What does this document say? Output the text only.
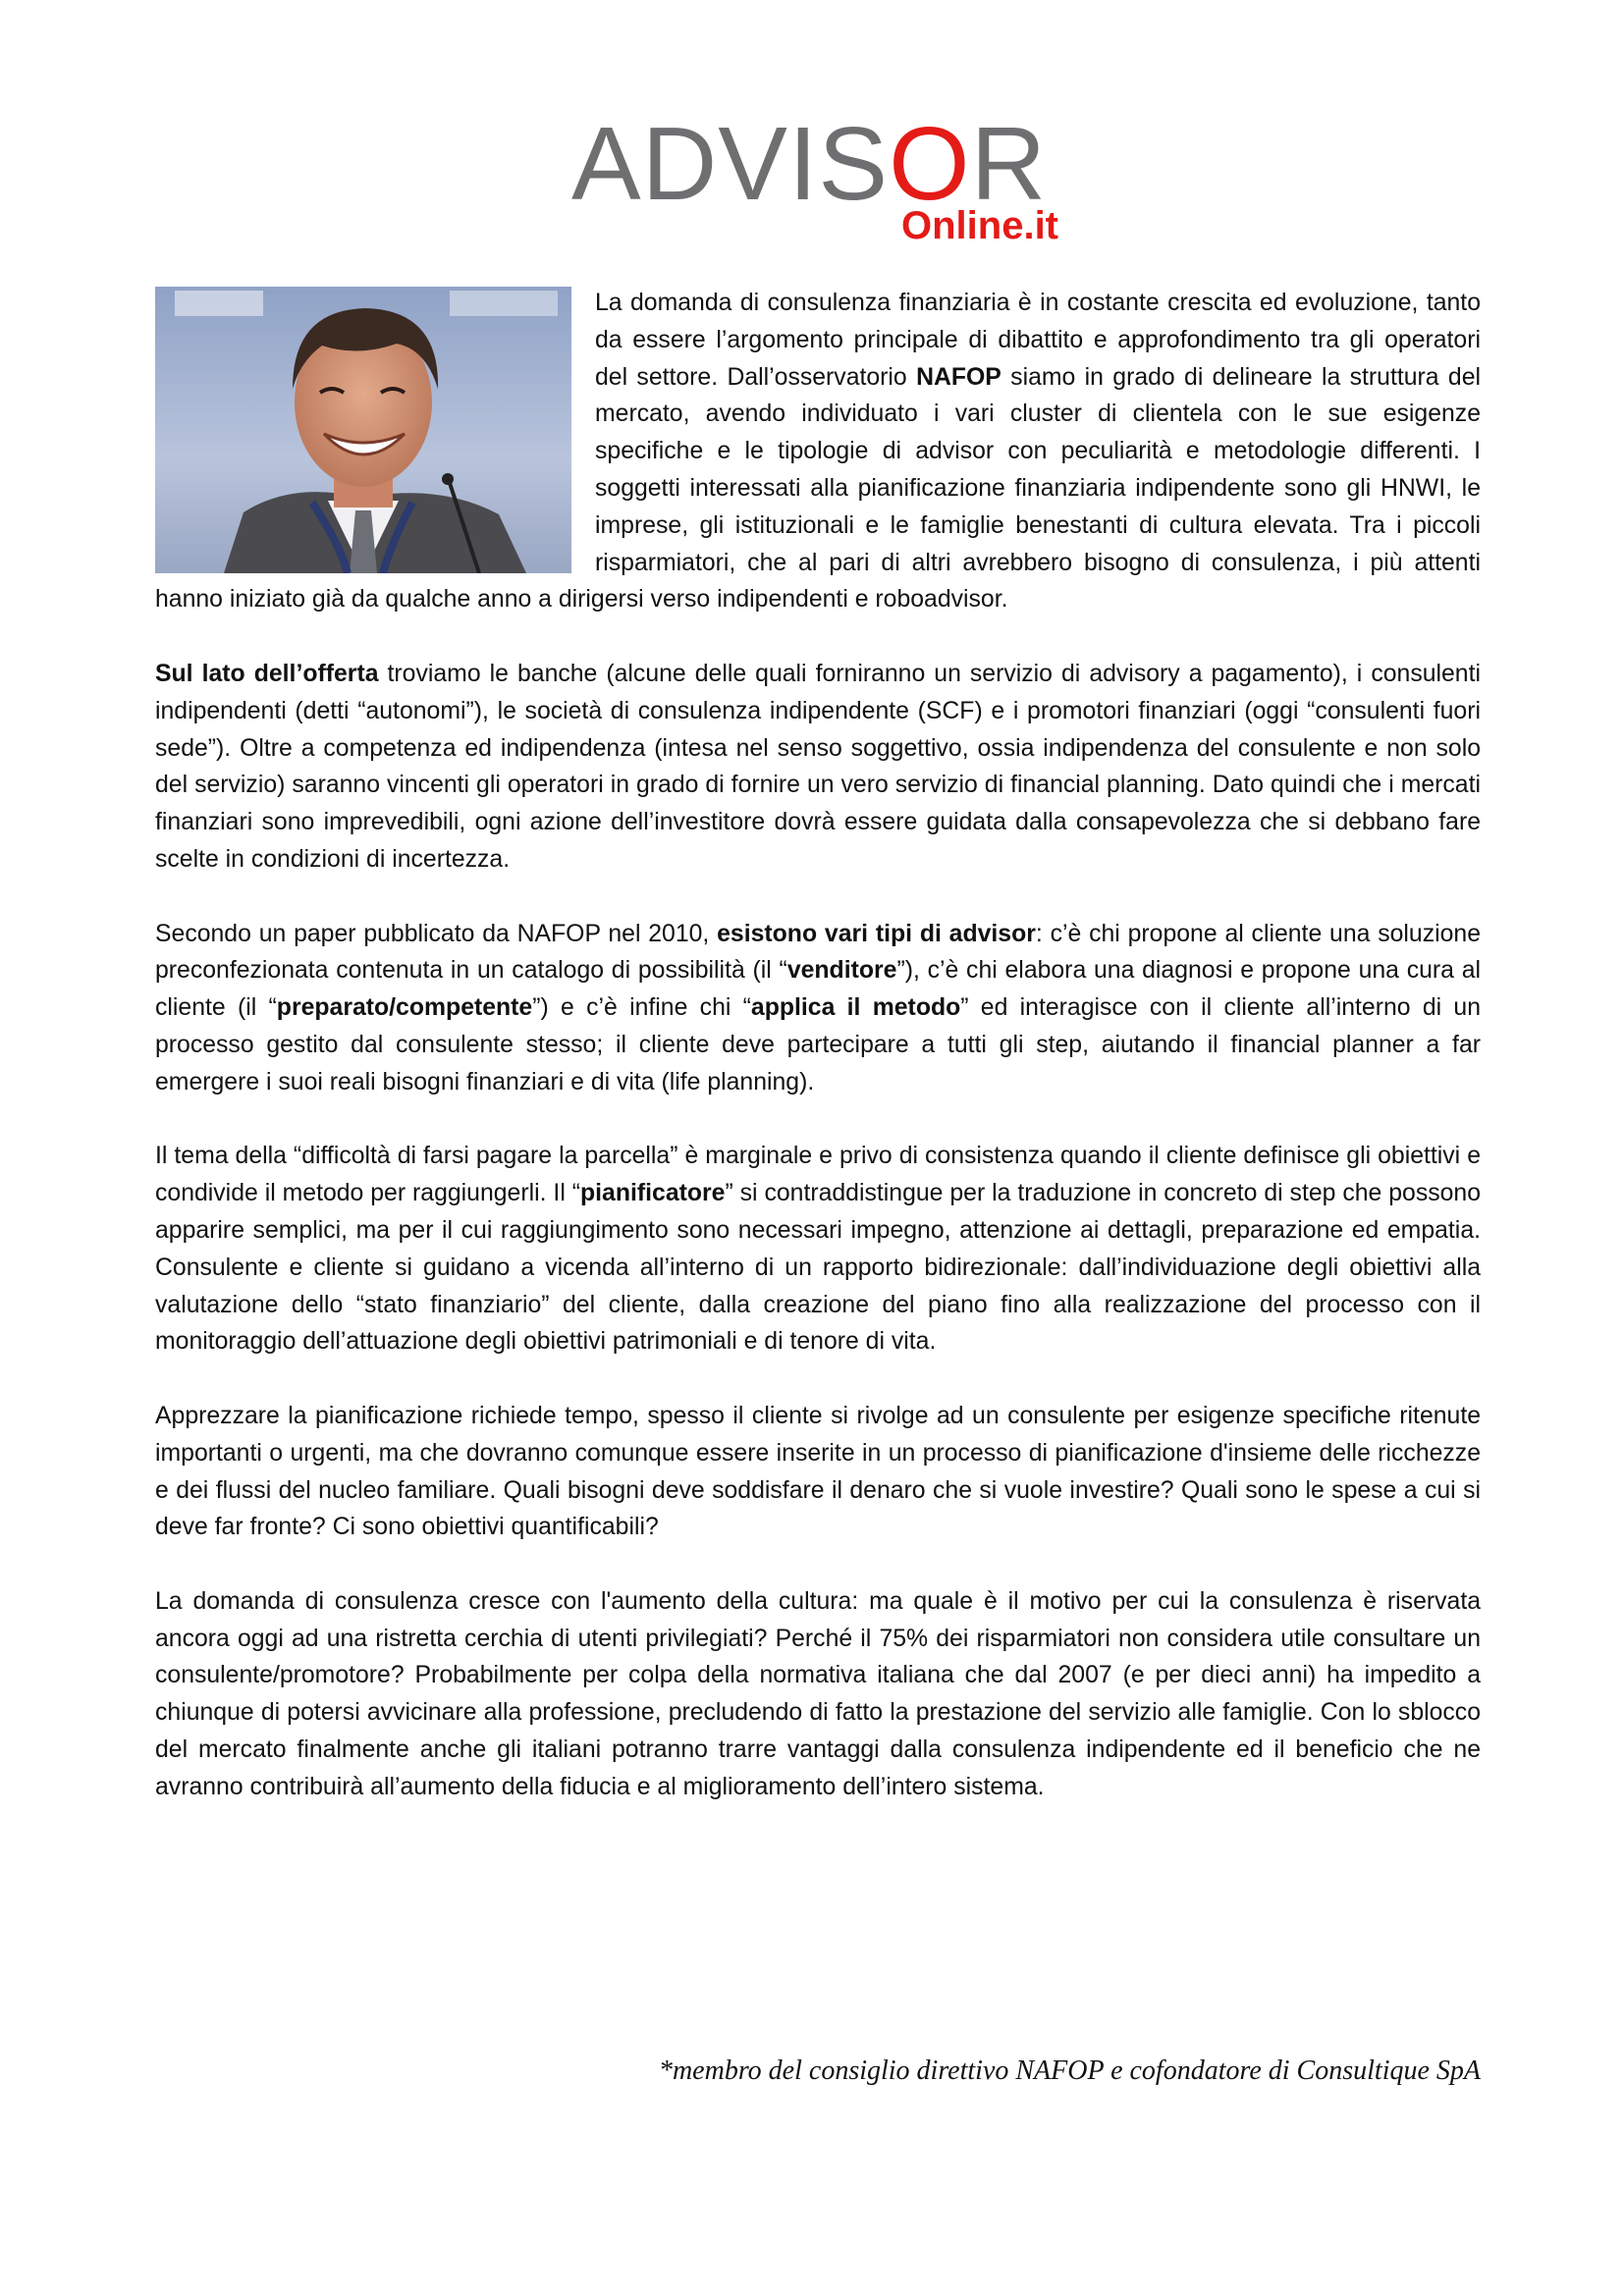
ADVISOR
Online.it

La domanda di consulenza finanziaria è in costante crescita ed evoluzione, tanto da essere l’argomento principale di dibattito e approfondimento tra gli operatori del settore. Dall’osservatorio NAFOP siamo in grado di delineare la struttura del mercato, avendo individuato i vari cluster di clientela con le sue esigenze specifiche e le tipologie di advisor con peculiarità e metodologie differenti. I soggetti interessati alla pianificazione finanziaria indipendente sono gli HNWI, le imprese, gli istituzionali e le famiglie benestanti di cultura elevata. Tra i piccoli risparmiatori, che al pari di altri avrebbero bisogno di consulenza, i più attenti hanno iniziato già da qualche anno a dirigersi verso indipendenti e roboadvisor.

Sul lato dell’offerta troviamo le banche (alcune delle quali forniranno un servizio di advisory a pagamento), i consulenti indipendenti (detti “autonomi”), le società di consulenza indipendente (SCF) e i promotori finanziari (oggi “consulenti fuori sede”). Oltre a competenza ed indipendenza (intesa nel senso soggettivo, ossia indipendenza del consulente e non solo del servizio) saranno vincenti gli operatori in grado di fornire un vero servizio di financial planning. Dato quindi che i mercati finanziari sono imprevedibili, ogni azione dell’investitore dovrà essere guidata dalla consapevolezza che si debbano fare scelte in condizioni di incertezza.

Secondo un paper pubblicato da NAFOP nel 2010, esistono vari tipi di advisor: c’è chi propone al cliente una soluzione preconfezionata contenuta in un catalogo di possibilità (il “venditore”), c’è chi elabora una diagnosi e propone una cura al cliente (il “preparato/competente”) e c’è infine chi “applica il metodo” ed interagisce con il cliente all’interno di un processo gestito dal consulente stesso; il cliente deve partecipare a tutti gli step, aiutando il financial planner a far emergere i suoi reali bisogni finanziari e di vita (life planning).

Il tema della “difficoltà di farsi pagare la parcella” è marginale e privo di consistenza quando il cliente definisce gli obiettivi e condivide il metodo per raggiungerli. Il “pianificatore” si contraddistingue per la traduzione in concreto di step che possono apparire semplici, ma per il cui raggiungimento sono necessari impegno, attenzione ai dettagli, preparazione ed empatia. Consulente e cliente si guidano a vicenda all’interno di un rapporto bidirezionale: dall’individuazione degli obiettivi alla valutazione dello “stato finanziario” del cliente, dalla creazione del piano fino alla realizzazione del processo con il monitoraggio dell’attuazione degli obiettivi patrimoniali e di tenore di vita.

Apprezzare la pianificazione richiede tempo, spesso il cliente si rivolge ad un consulente per esigenze specifiche ritenute importanti o urgenti, ma che dovranno comunque essere inserite in un processo di pianificazione d'insieme delle ricchezze e dei flussi del nucleo familiare. Quali bisogni deve soddisfare il denaro che si vuole investire? Quali sono le spese a cui si deve far fronte? Ci sono obiettivi quantificabili?

La domanda di consulenza cresce con l'aumento della cultura: ma quale è il motivo per cui la consulenza è riservata ancora oggi ad una ristretta cerchia di utenti privilegiati? Perché il 75% dei risparmiatori non considera utile consultare un consulente/promotore? Probabilmente per colpa della normativa italiana che dal 2007 (e per dieci anni) ha impedito a chiunque di potersi avvicinare alla professione, precludendo di fatto la prestazione del servizio alle famiglie. Con lo sblocco del mercato finalmente anche gli italiani potranno trarre vantaggi dalla consulenza indipendente ed il beneficio che ne avranno contribuirà all’aumento della fiducia e al miglioramento dell’intero sistema.

*membro del consiglio direttivo NAFOP e cofondatore di Consultique SpA
